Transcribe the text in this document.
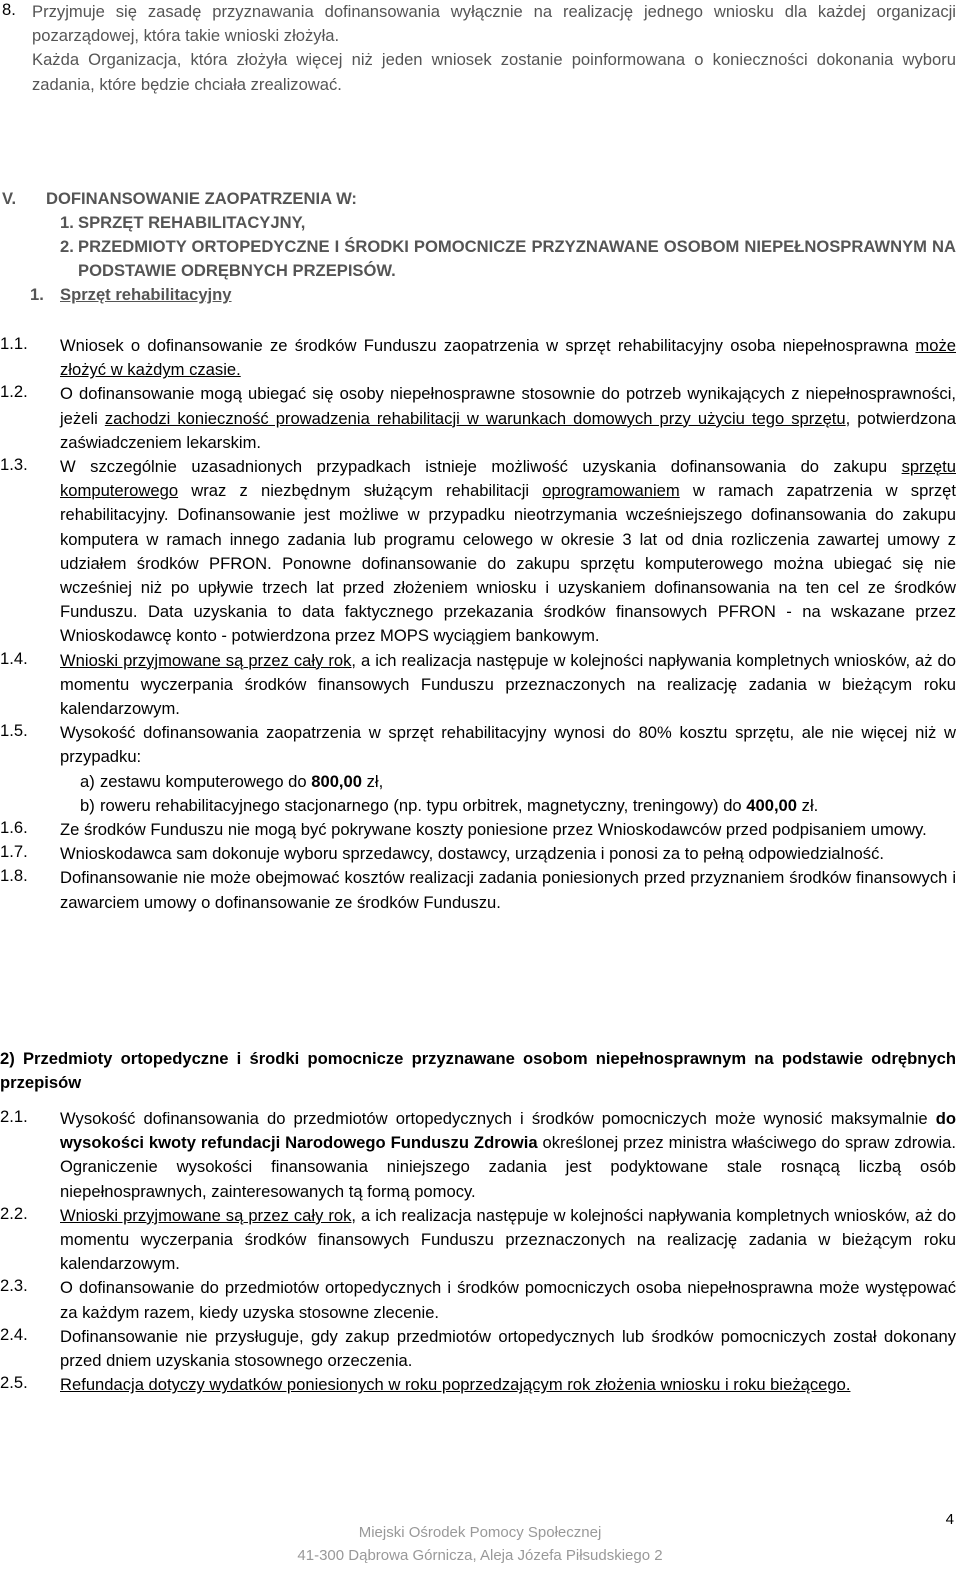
8. Przyjmuje się zasadę przyznawania dofinansowania wyłącznie na realizację jednego wniosku dla każdej organizacji pozarządowej, która takie wnioski złożyła.
Każda Organizacja, która złożyła więcej niż jeden wniosek zostanie poinformowana o konieczności dokonania wyboru zadania, które będzie chciała zrealizować.
V. DOFINANSOWANIE ZAOPATRZENIA W:
1. SPRZĘT REHABILITACYJNY,
2. PRZEDMIOTY ORTOPEDYCZNE I ŚRODKI POMOCNICZE PRZYZNAWANE OSOBOM NIEPEŁNOSPRAWNYM NA PODSTAWIE ODRĘBNYCH PRZEPISÓW.
1. Sprzęt rehabilitacyjny
1.1. Wniosek o dofinansowanie ze środków Funduszu zaopatrzenia w sprzęt rehabilitacyjny osoba niepełnosprawna może złożyć w każdym czasie.
1.2. O dofinansowanie mogą ubiegać się osoby niepełnosprawne stosownie do potrzeb wynikających z niepełnosprawności, jeżeli zachodzi konieczność prowadzenia rehabilitacji w warunkach domowych przy użyciu tego sprzętu, potwierdzona zaświadczeniem lekarskim.
1.3. W szczególnie uzasadnionych przypadkach istnieje możliwość uzyskania dofinansowania do zakupu sprzętu komputerowego wraz z niezbędnym służącym rehabilitacji oprogramowaniem w ramach zapatrzenia w sprzęt rehabilitacyjny. Dofinansowanie jest możliwe w przypadku nieotrzymania wcześniejszego dofinansowania do zakupu komputera w ramach innego zadania lub programu celowego w okresie 3 lat od dnia rozliczenia zawartej umowy z udziałem środków PFRON. Ponowne dofinansowanie do zakupu sprzętu komputerowego można ubiegać się nie wcześniej niż po upływie trzech lat przed złożeniem wniosku i uzyskaniem dofinansowania na ten cel ze środków Funduszu. Data uzyskania to data faktycznego przekazania środków finansowych PFRON - na wskazane przez Wnioskodawcę konto - potwierdzona przez MOPS wyciągiem bankowym.
1.4. Wnioski przyjmowane są przez cały rok, a ich realizacja następuje w kolejności napływania kompletnych wniosków, aż do momentu wyczerpania środków finansowych Funduszu przeznaczonych na realizację zadania w bieżącym roku kalendarzowym.
1.5. Wysokość dofinansowania zaopatrzenia w sprzęt rehabilitacyjny wynosi do 80% kosztu sprzętu, ale nie więcej niż w przypadku:
a) zestawu komputerowego do 800,00 zł,
b) roweru rehabilitacyjnego stacjonarnego (np. typu orbitrek, magnetyczny, treningowy) do 400,00 zł.
1.6. Ze środków Funduszu nie mogą być pokrywane koszty poniesione przez Wnioskodawców przed podpisaniem umowy.
1.7. Wnioskodawca sam dokonuje wyboru sprzedawcy, dostawcy, urządzenia i ponosi za to pełną odpowiedzialność.
1.8. Dofinansowanie nie może obejmować kosztów realizacji zadania poniesionych przed przyznaniem środków finansowych i zawarciem umowy o dofinansowanie ze środków Funduszu.
2) Przedmioty ortopedyczne i środki pomocnicze przyznawane osobom niepełnosprawnym na podstawie odrębnych przepisów
2.1. Wysokość dofinansowania do przedmiotów ortopedycznych i środków pomocniczych może wynosić maksymalnie do wysokości kwoty refundacji Narodowego Funduszu Zdrowia określonej przez ministra właściwego do spraw zdrowia. Ograniczenie wysokości finansowania niniejszego zadania jest podyktowane stale rosnącą liczbą osób niepełnosprawnych, zainteresowanych tą formą pomocy.
2.2. Wnioski przyjmowane są przez cały rok, a ich realizacja następuje w kolejności napływania kompletnych wniosków, aż do momentu wyczerpania środków finansowych Funduszu przeznaczonych na realizację zadania w bieżącym roku kalendarzowym.
2.3. O dofinansowanie do przedmiotów ortopedycznych i środków pomocniczych osoba niepełnosprawna może występować za każdym razem, kiedy uzyska stosowne zlecenie.
2.4. Dofinansowanie nie przysługuje, gdy zakup przedmiotów ortopedycznych lub środków pomocniczych został dokonany przed dniem uzyskania stosownego orzeczenia.
2.5. Refundacja dotyczy wydatków poniesionych w roku poprzedzającym rok złożenia wniosku i roku bieżącego.
4
Miejski Ośrodek Pomocy Społecznej
41-300 Dąbrowa Górnicza, Aleja Józefa Piłsudskiego 2
